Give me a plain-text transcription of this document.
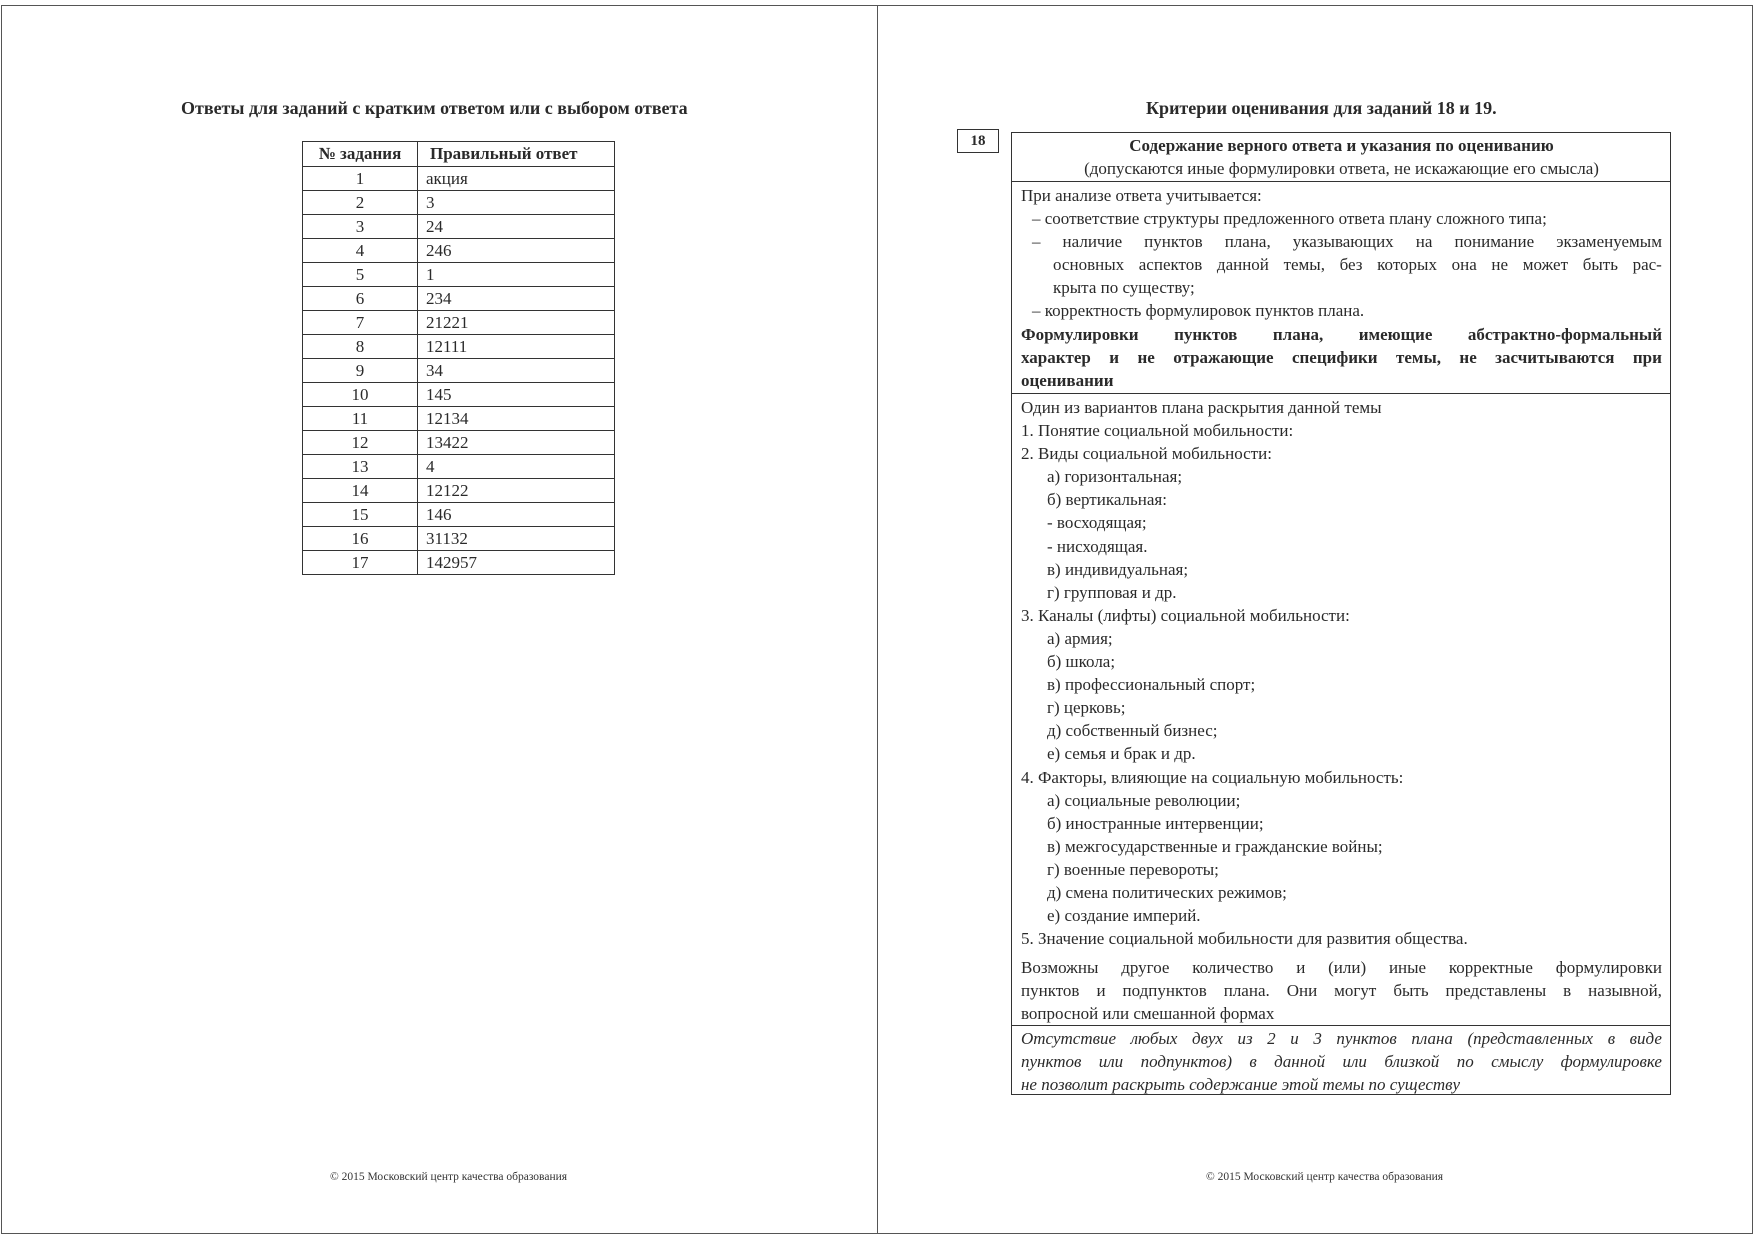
Ответы для заданий с кратким ответом или с выбором ответа
№ задания	Правильный ответ
1	акция
2	3
3	24
4	246
5	1
6	234
7	21221
8	12111
9	34
10	145
11	12134
12	13422
13	4
14	12122
15	146
16	31132
17	142957
© 2015 Московский центр качества образования
Критерии оценивания для заданий 18 и 19.
18	Содержание верного ответа и указания по оцениванию
(допускаются иные формулировки ответа, не искажающие его смысла)
При анализе ответа учитывается:
– соответствие структуры предложенного ответа плану сложного типа;
– наличие пунктов плана, указывающих на понимание экзаменуемым
основных аспектов данной темы, без которых она не может быть рас-
крыта по существу;
– корректность формулировок пунктов плана.
Формулировки пунктов плана, имеющие абстрактно-формальный
характер и не отражающие специфики темы, не засчитываются при
оценивании
Один из вариантов плана раскрытия данной темы
1. Понятие социальной мобильности:
2. Виды социальной мобильности:
а) горизонтальная;
б) вертикальная:
- восходящая;
- нисходящая.
в) индивидуальная;
г) групповая и др.
3. Каналы (лифты) социальной мобильности:
а) армия;
б) школа;
в) профессиональный спорт;
г) церковь;
д) собственный бизнес;
е) семья и брак и др.
4. Факторы, влияющие на социальную мобильность:
а) социальные революции;
б) иностранные интервенции;
в) межгосударственные и гражданские войны;
г) военные перевороты;
д) смена политических режимов;
е) создание империй.
5. Значение социальной мобильности для развития общества.
Возможны другое количество и (или) иные корректные формулировки
пунктов и подпунктов плана. Они могут быть представлены в назывной,
вопросной или смешанной формах
Отсутствие любых двух из 2 и 3 пунктов плана (представленных в виде
пунктов или подпунктов) в данной или близкой по смыслу формулировке
не позволит раскрыть содержание этой темы по существу
© 2015 Московский центр качества образования
